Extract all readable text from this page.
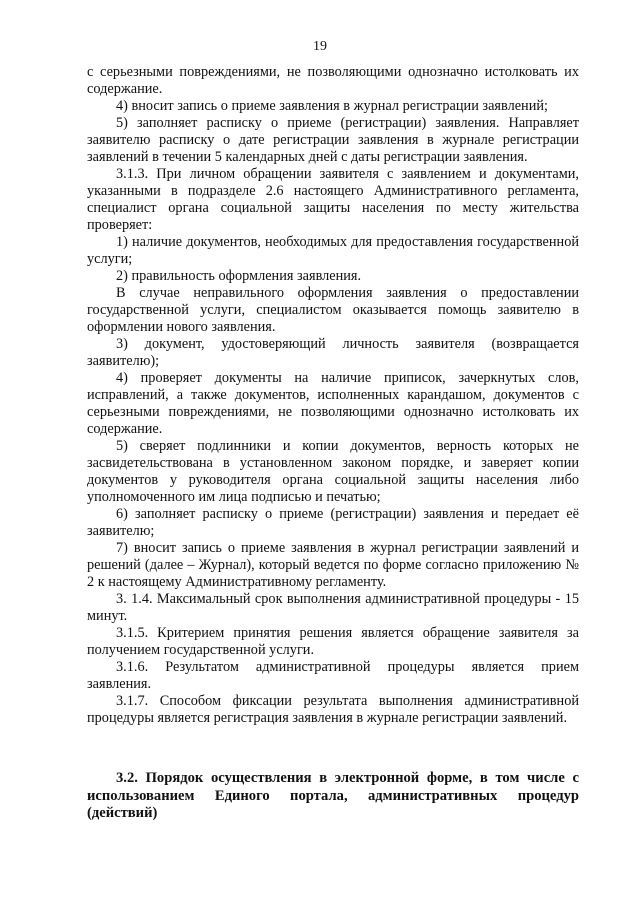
19

с серьезными повреждениями, не позволяющими однозначно истолковать их содержание.

4) вносит запись о приеме заявления в журнал регистрации заявлений;

5) заполняет расписку о приеме (регистрации) заявления. Направляет заявителю расписку о дате регистрации заявления в журнале регистрации заявлений в течении 5 календарных дней с даты регистрации заявления.

3.1.3. При личном обращении заявителя с заявлением и документами, указанными в подразделе 2.6 настоящего Административного регламента, специалист органа социальной защиты населения по месту жительства проверяет:

1) наличие документов, необходимых для предоставления государственной услуги;

2) правильность оформления заявления.

В случае неправильного оформления заявления о предоставлении государственной услуги, специалистом оказывается помощь заявителю в оформлении нового заявления.

3) документ, удостоверяющий личность заявителя (возвращается заявителю);

4) проверяет документы на наличие приписок, зачеркнутых слов, исправлений, а также документов, исполненных карандашом, документов с серьезными повреждениями, не позволяющими однозначно истолковать их содержание.

5) сверяет подлинники и копии документов, верность которых не засвидетельствована в установленном законом порядке, и заверяет копии документов у руководителя органа социальной защиты населения либо уполномоченного им лица подписью и печатью;

6) заполняет расписку о приеме (регистрации) заявления и передает её заявителю;

7) вносит запись о приеме заявления в журнал регистрации заявлений и решений (далее – Журнал), который ведется по форме согласно приложению № 2 к настоящему Административному регламенту.

3. 1.4. Максимальный срок выполнения административной процедуры - 15 минут.

3.1.5. Критерием принятия решения является обращение заявителя за получением государственной услуги.

3.1.6. Результатом административной процедуры является прием заявления.

3.1.7. Способом фиксации результата выполнения административной процедуры является регистрация заявления в журнале регистрации заявлений.

3.2. Порядок осуществления в электронной форме, в том числе с использованием Единого портала, административных процедур (действий)
